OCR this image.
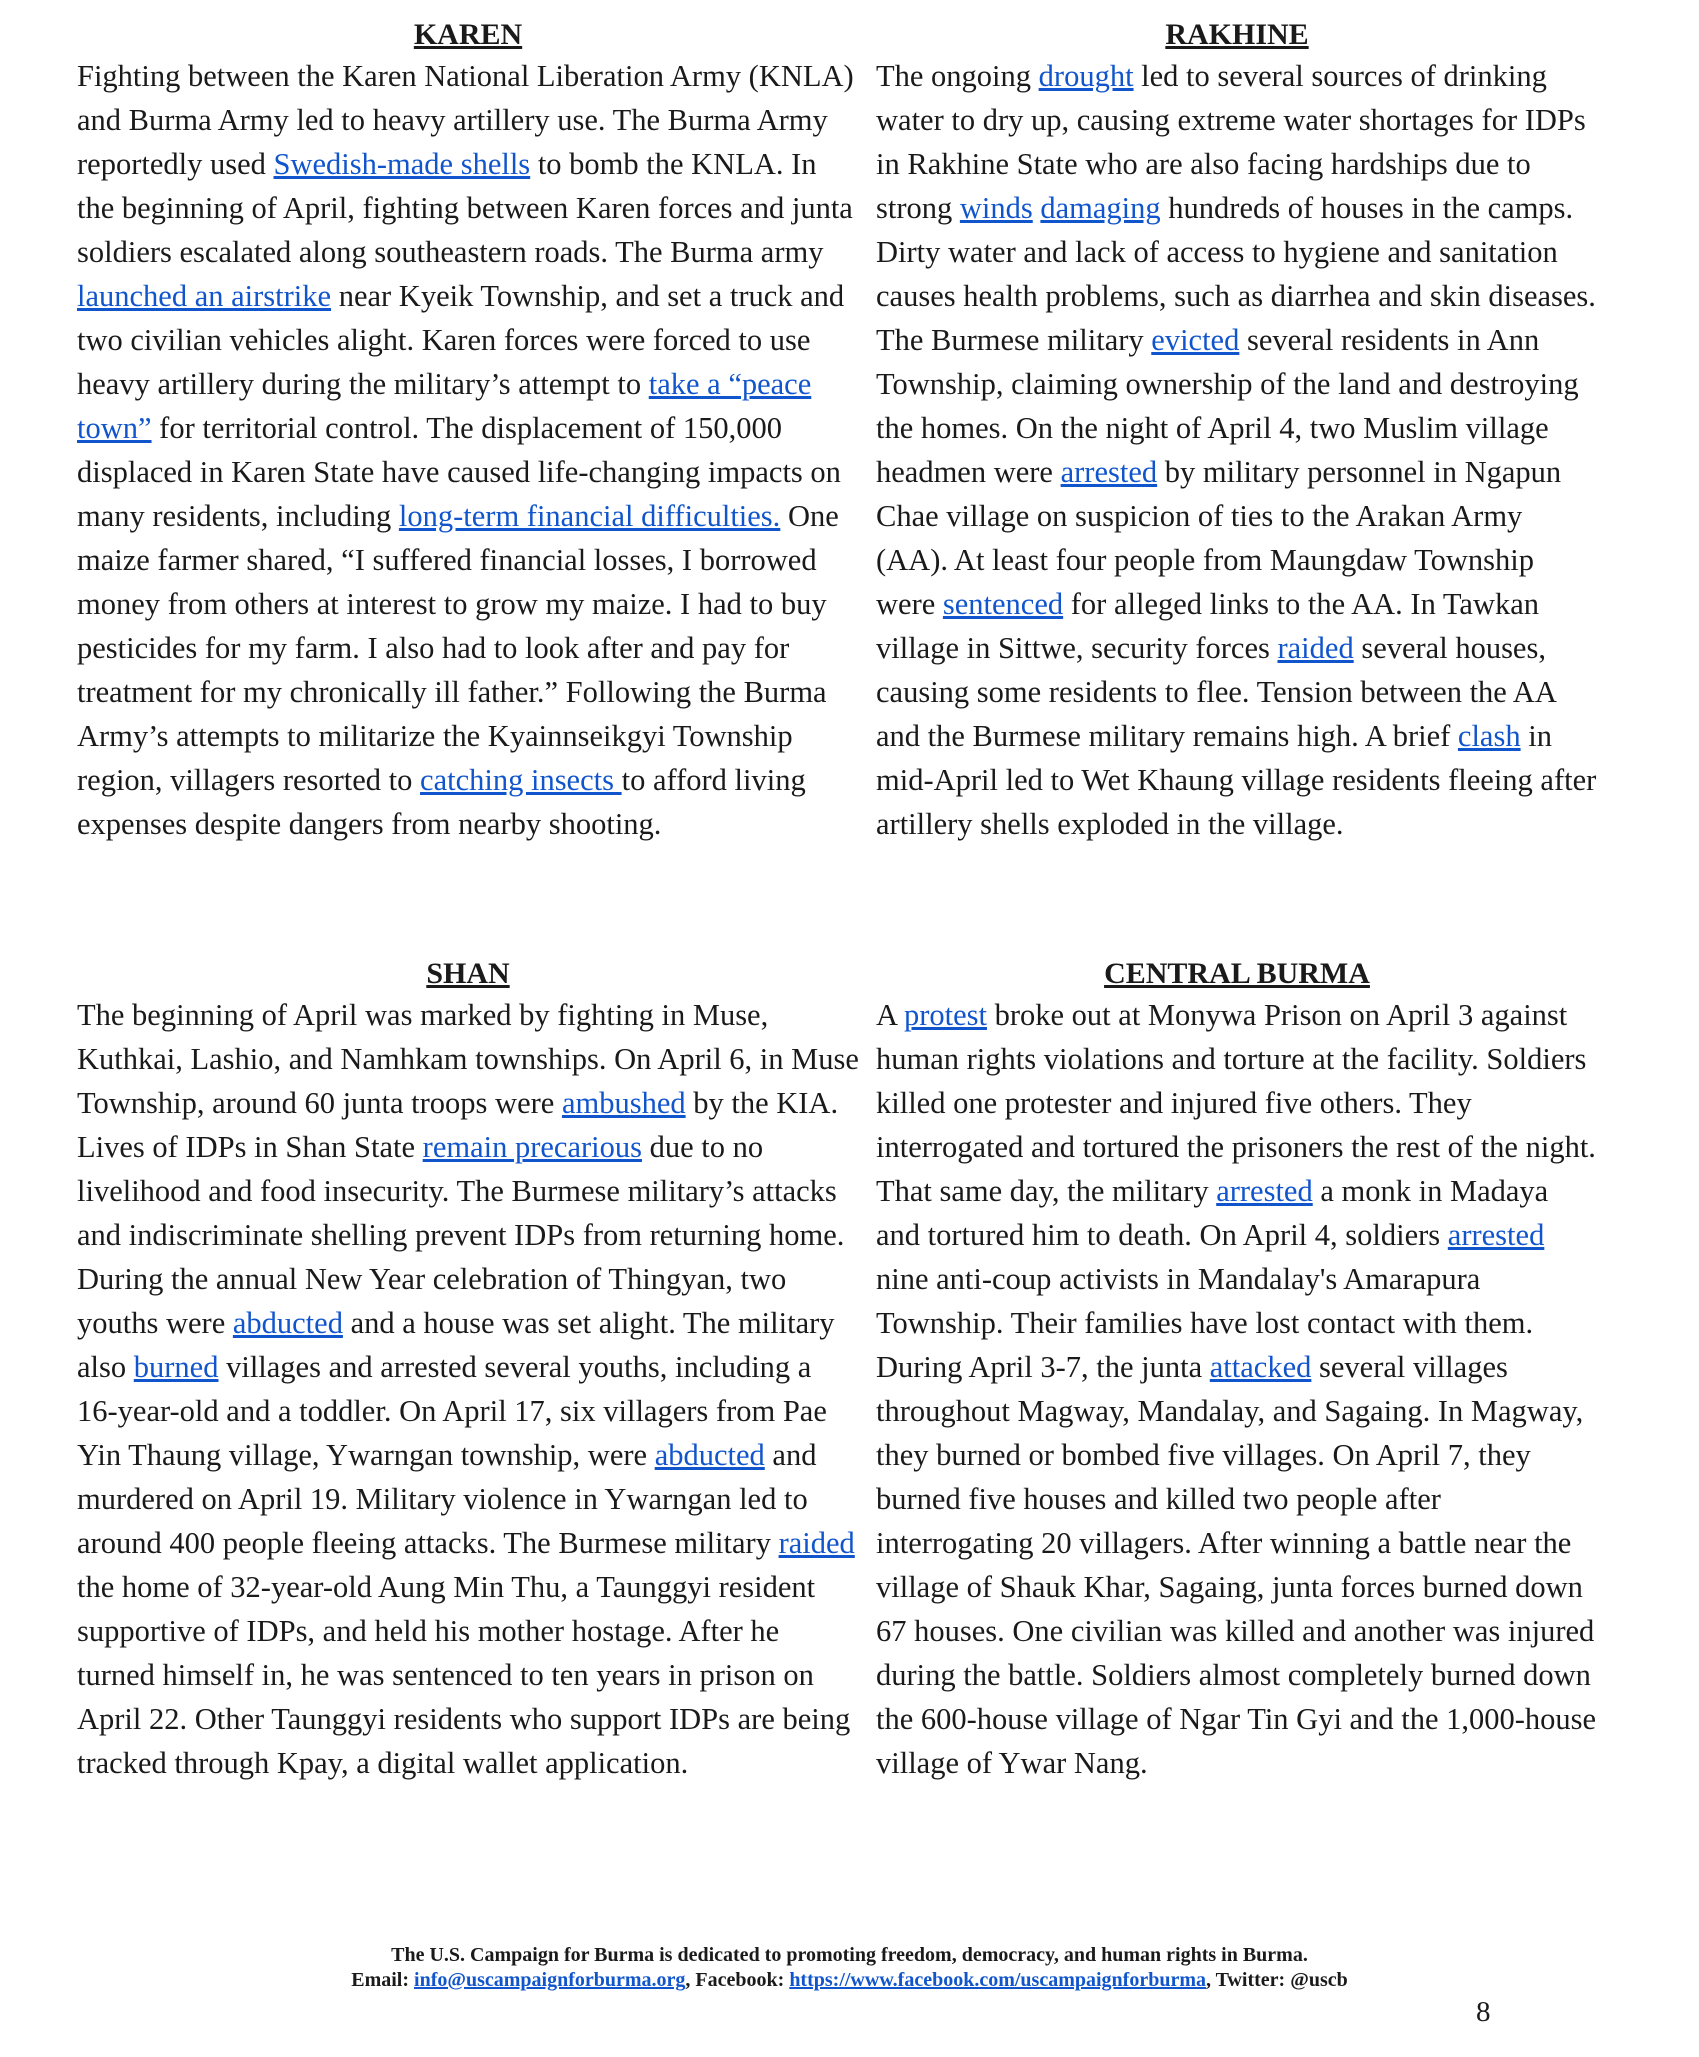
KAREN

Fighting between the Karen National Liberation Army (KNLA) and Burma Army led to heavy artillery use. The Burma Army reportedly used Swedish-made shells to bomb the KNLA. In the beginning of April, fighting between Karen forces and junta soldiers escalated along southeastern roads. The Burma army launched an airstrike near Kyeik Township, and set a truck and two civilian vehicles alight. Karen forces were forced to use heavy artillery during the military’s attempt to take a “peace town” for territorial control. The displacement of 150,000 displaced in Karen State have caused life-changing impacts on many residents, including long-term financial difficulties. One maize farmer shared, “I suffered financial losses, I borrowed money from others at interest to grow my maize. I had to buy pesticides for my farm. I also had to look after and pay for treatment for my chronically ill father.” Following the Burma Army’s attempts to militarize the Kyainnseikgyi Township region, villagers resorted to catching insects to afford living expenses despite dangers from nearby shooting.

RAKHINE

The ongoing drought led to several sources of drinking water to dry up, causing extreme water shortages for IDPs in Rakhine State who are also facing hardships due to strong winds damaging hundreds of houses in the camps. Dirty water and lack of access to hygiene and sanitation causes health problems, such as diarrhea and skin diseases. The Burmese military evicted several residents in Ann Township, claiming ownership of the land and destroying the homes. On the night of April 4, two Muslim village headmen were arrested by military personnel in Ngapun Chae village on suspicion of ties to the Arakan Army (AA). At least four people from Maungdaw Township were sentenced for alleged links to the AA. In Tawkan village in Sittwe, security forces raided several houses, causing some residents to flee. Tension between the AA and the Burmese military remains high. A brief clash in mid-April led to Wet Khaung village residents fleeing after artillery shells exploded in the village.

SHAN

The beginning of April was marked by fighting in Muse, Kuthkai, Lashio, and Namhkam townships. On April 6, in Muse Township, around 60 junta troops were ambushed by the KIA. Lives of IDPs in Shan State remain precarious due to no livelihood and food insecurity. The Burmese military’s attacks and indiscriminate shelling prevent IDPs from returning home. During the annual New Year celebration of Thingyan, two youths were abducted and a house was set alight. The military also burned villages and arrested several youths, including a 16-year-old and a toddler. On April 17, six villagers from Pae Yin Thaung village, Ywarngan township, were abducted and murdered on April 19. Military violence in Ywarngan led to around 400 people fleeing attacks. The Burmese military raided the home of 32-year-old Aung Min Thu, a Taunggyi resident supportive of IDPs, and held his mother hostage. After he turned himself in, he was sentenced to ten years in prison on April 22. Other Taunggyi residents who support IDPs are being tracked through Kpay, a digital wallet application.

CENTRAL BURMA

A protest broke out at Monywa Prison on April 3 against human rights violations and torture at the facility. Soldiers killed one protester and injured five others. They interrogated and tortured the prisoners the rest of the night. That same day, the military arrested a monk in Madaya and tortured him to death. On April 4, soldiers arrested nine anti-coup activists in Mandalay's Amarapura Township. Their families have lost contact with them. During April 3-7, the junta attacked several villages throughout Magway, Mandalay, and Sagaing. In Magway, they burned or bombed five villages. On April 7, they burned five houses and killed two people after interrogating 20 villagers. After winning a battle near the village of Shauk Khar, Sagaing, junta forces burned down 67 houses. One civilian was killed and another was injured during the battle. Soldiers almost completely burned down the 600-house village of Ngar Tin Gyi and the 1,000-house village of Ywar Nang.

The U.S. Campaign for Burma is dedicated to promoting freedom, democracy, and human rights in Burma.

Email: info@uscampaignforburma.org, Facebook: https://www.facebook.com/uscampaignforburma, Twitter: @uscb

8
